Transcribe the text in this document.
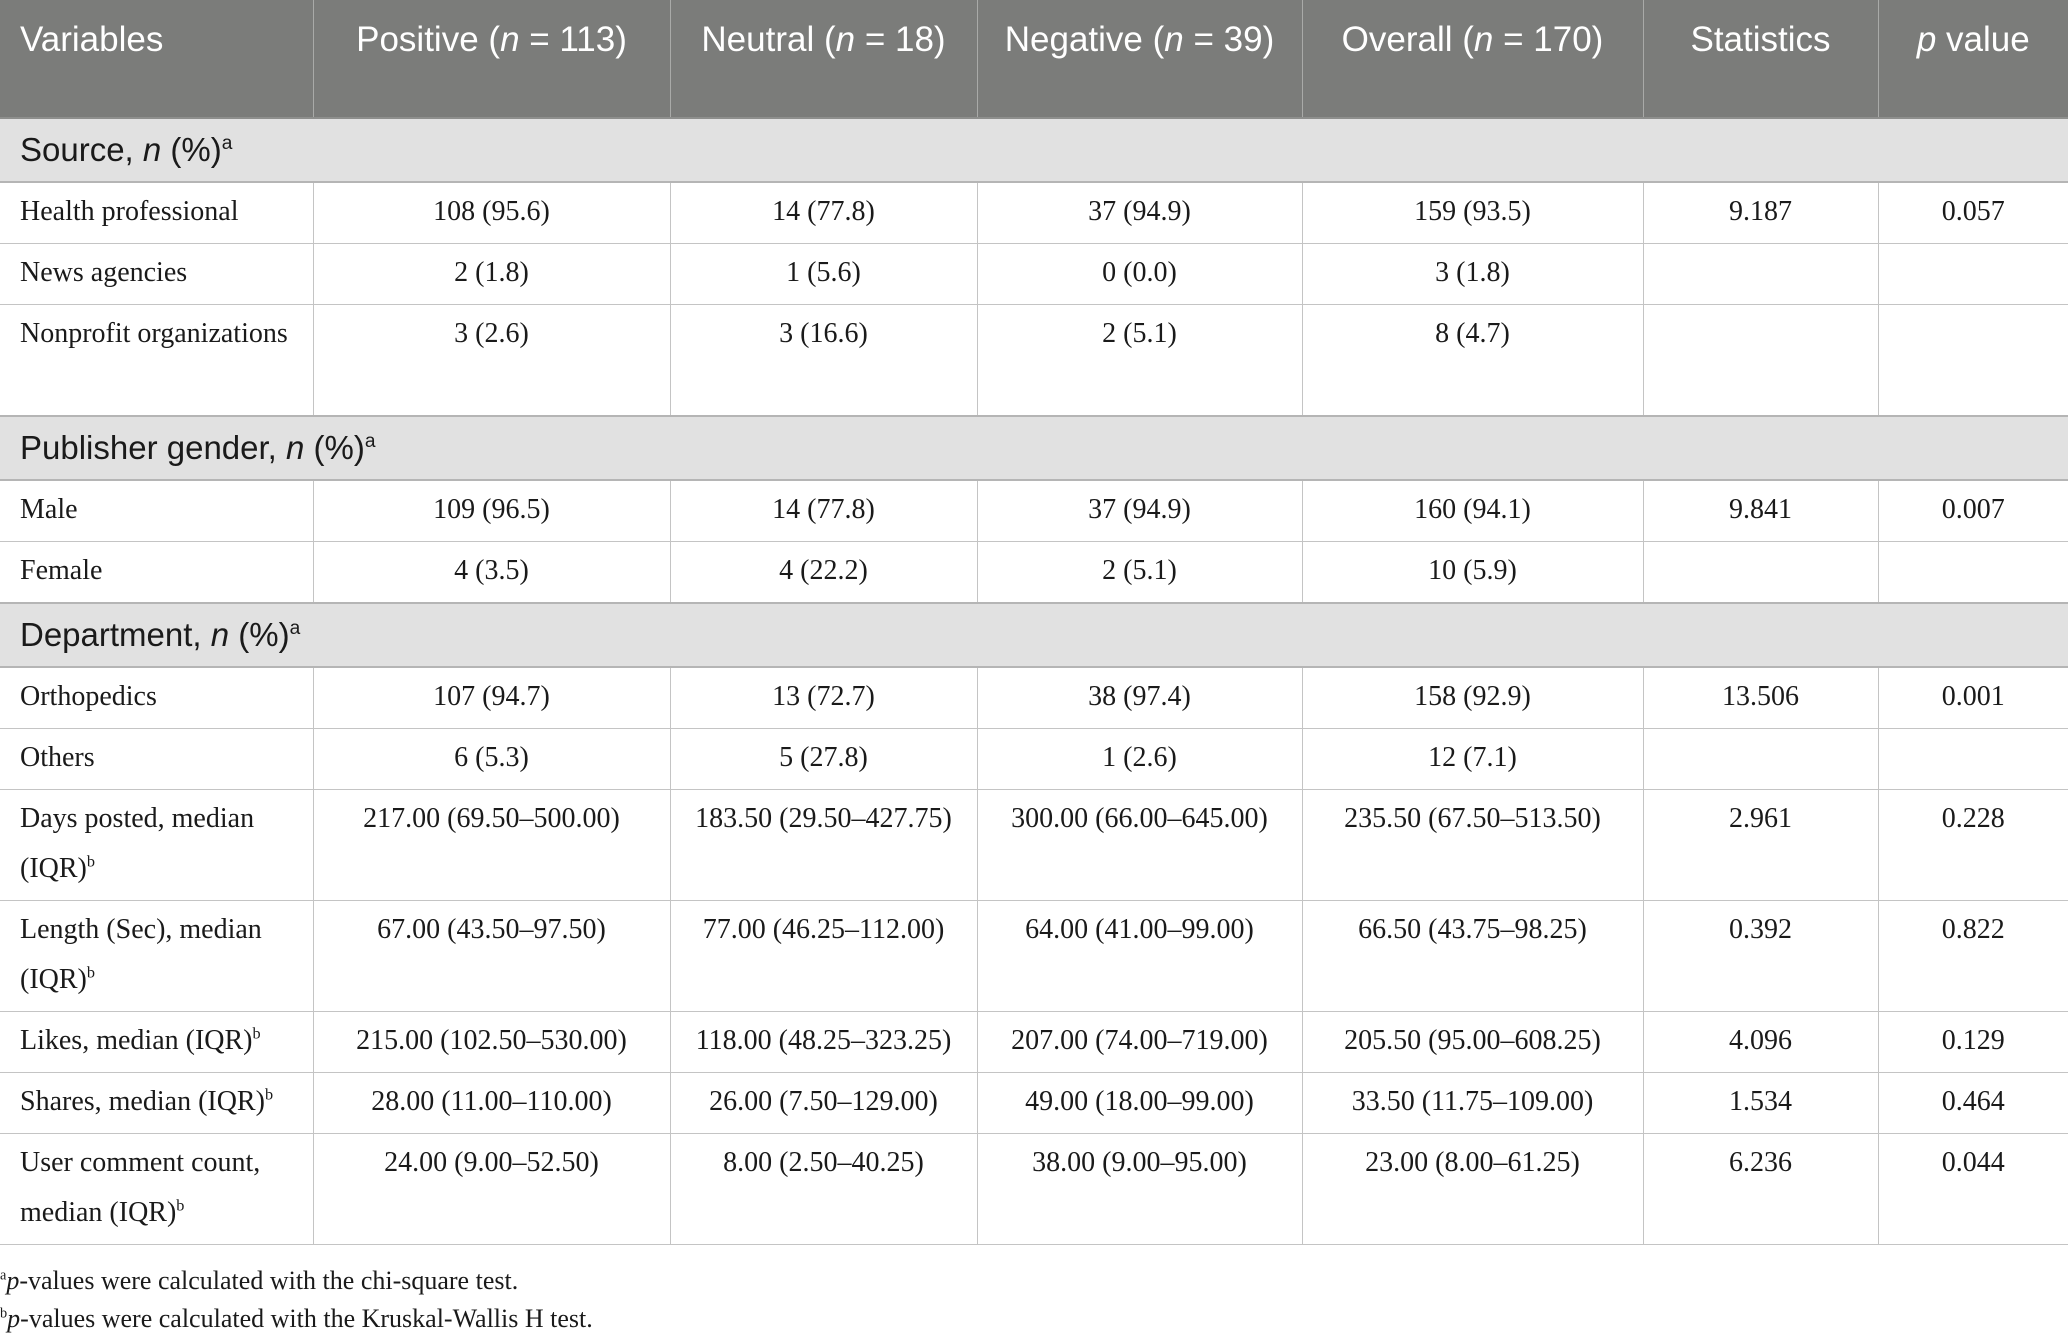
Variables	Positive (n = 113)	Neutral (n = 18)	Negative (n = 39)	Overall (n = 170)	Statistics	p value
Source, n (%)$^a$
Health professional	108 (95.6)	14 (77.8)	37 (94.9)	159 (93.5)	9.187	0.057
News agencies	2 (1.8)	1 (5.6)	0 (0.0)	3 (1.8)		
Nonprofit organizations	3 (2.6)	3 (16.6)	2 (5.1)	8 (4.7)		
Publisher gender, n (%)$^a$
Male	109 (96.5)	14 (77.8)	37 (94.9)	160 (94.1)	9.841	0.007
Female	4 (3.5)	4 (22.2)	2 (5.1)	10 (5.9)		
Department, n (%)$^a$
Orthopedics	107 (94.7)	13 (72.7)	38 (97.4)	158 (92.9)	13.506	0.001
Others	6 (5.3)	5 (27.8)	1 (2.6)	12 (7.1)		
Days posted, median (IQR)$^b$	217.00 (69.50–500.00)	183.50 (29.50–427.75)	300.00 (66.00–645.00)	235.50 (67.50–513.50)	2.961	0.228
Length (Sec), median (IQR)$^b$	67.00 (43.50–97.50)	77.00 (46.25–112.00)	64.00 (41.00–99.00)	66.50 (43.75–98.25)	0.392	0.822
Likes, median (IQR)$^b$	215.00 (102.50–530.00)	118.00 (48.25–323.25)	207.00 (74.00–719.00)	205.50 (95.00–608.25)	4.096	0.129
Shares, median (IQR)$^b$	28.00 (11.00–110.00)	26.00 (7.50–129.00)	49.00 (18.00–99.00)	33.50 (11.75–109.00)	1.534	0.464
User comment count, median (IQR)$^b$	24.00 (9.00–52.50)	8.00 (2.50–40.25)	38.00 (9.00–95.00)	23.00 (8.00–61.25)	6.236	0.044
$^a$p-values were calculated with the chi-square test.
$^b$p-values were calculated with the Kruskal-Wallis H test.
